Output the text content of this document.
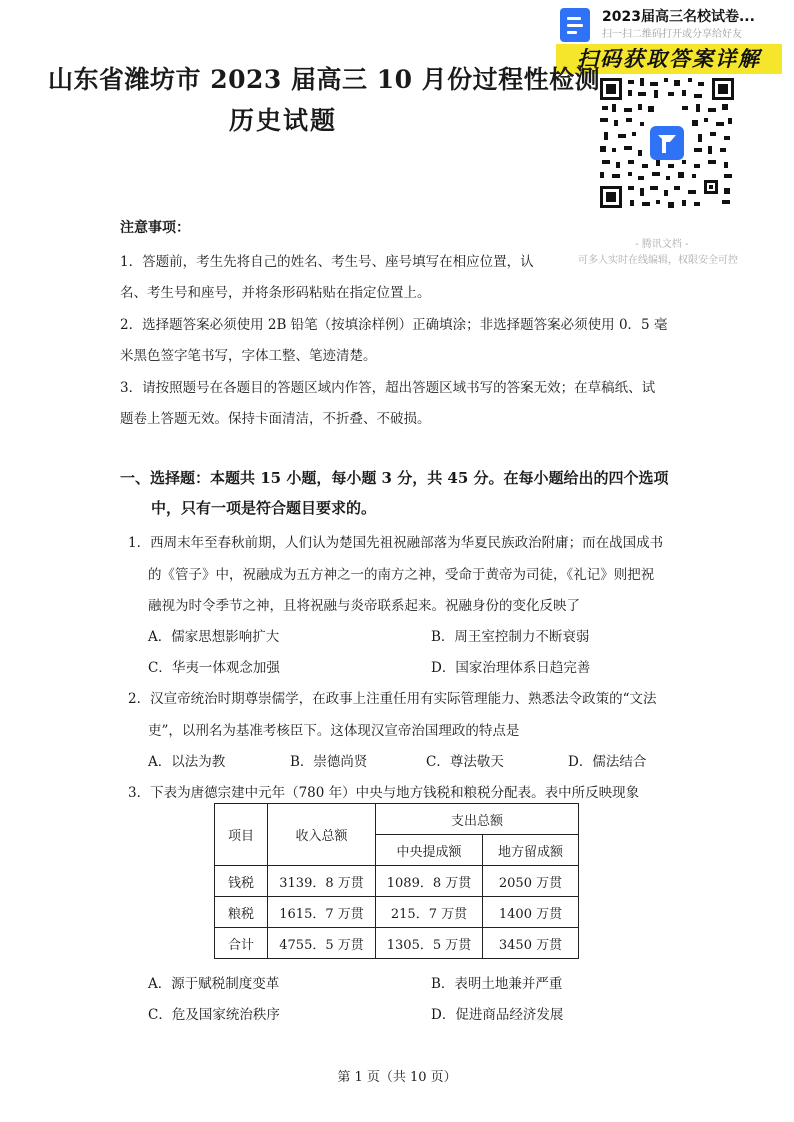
2023届高三名校试卷...
扫一扫二维码打开或分享给好友
扫码获取答案详解
- 腾讯文档 -
可多人实时在线编辑，权限安全可控
山东省潍坊市 2023 届高三 10 月份过程性检测
历史试题
注意事项：
1．答题前，考生先将自己的姓名、考生号、座号填写在相应位置，认
名、考生号和座号，并将条形码粘贴在指定位置上。
2．选择题答案必须使用 2B 铅笔（按填涂样例）正确填涂；非选择题答案必须使用 0．5 毫
米黑色签字笔书写，字体工整、笔迹清楚。
3．请按照题号在各题目的答题区域内作答，超出答题区域书写的答案无效；在草稿纸、试
题卷上答题无效。保持卡面清洁，不折叠、不破损。
一、选择题：本题共 15 小题，每小题 3 分，共 45 分。在每小题给出的四个选项
中，只有一项是符合题目要求的。
1．西周末年至春秋前期，人们认为楚国先祖祝融部落为华夏民族政治附庸；而在战国成书
的《管子》中，祝融成为五方神之一的南方之神，受命于黄帝为司徒，《礼记》则把祝
融视为时令季节之神，且将祝融与炎帝联系起来。祝融身份的变化反映了
A．儒家思想影响扩大	B．周王室控制力不断衰弱
C．华夷一体观念加强	D．国家治理体系日趋完善
2．汉宣帝统治时期尊崇儒学，在政事上注重任用有实际管理能力、熟悉法令政策的“文法
吏”，以刑名为基准考核臣下。这体现汉宣帝治国理政的特点是
A．以法为教	B．崇德尚贤	C．尊法敬天	D．儒法结合
3．下表为唐德宗建中元年（780 年）中央与地方钱税和粮税分配表。表中所反映现象
项目	收入总额	支出总额	
		中央提成额	地方留成额
钱税	3139．8 万贯	1089．8 万贯	2050 万贯
粮税	1615．7 万贯	215．7 万贯	1400 万贯
合计	4755．5 万贯	1305．5 万贯	3450 万贯
A．源于赋税制度变革	B．表明土地兼并严重
C．危及国家统治秩序	D．促进商品经济发展
第 1 页（共 10 页）
